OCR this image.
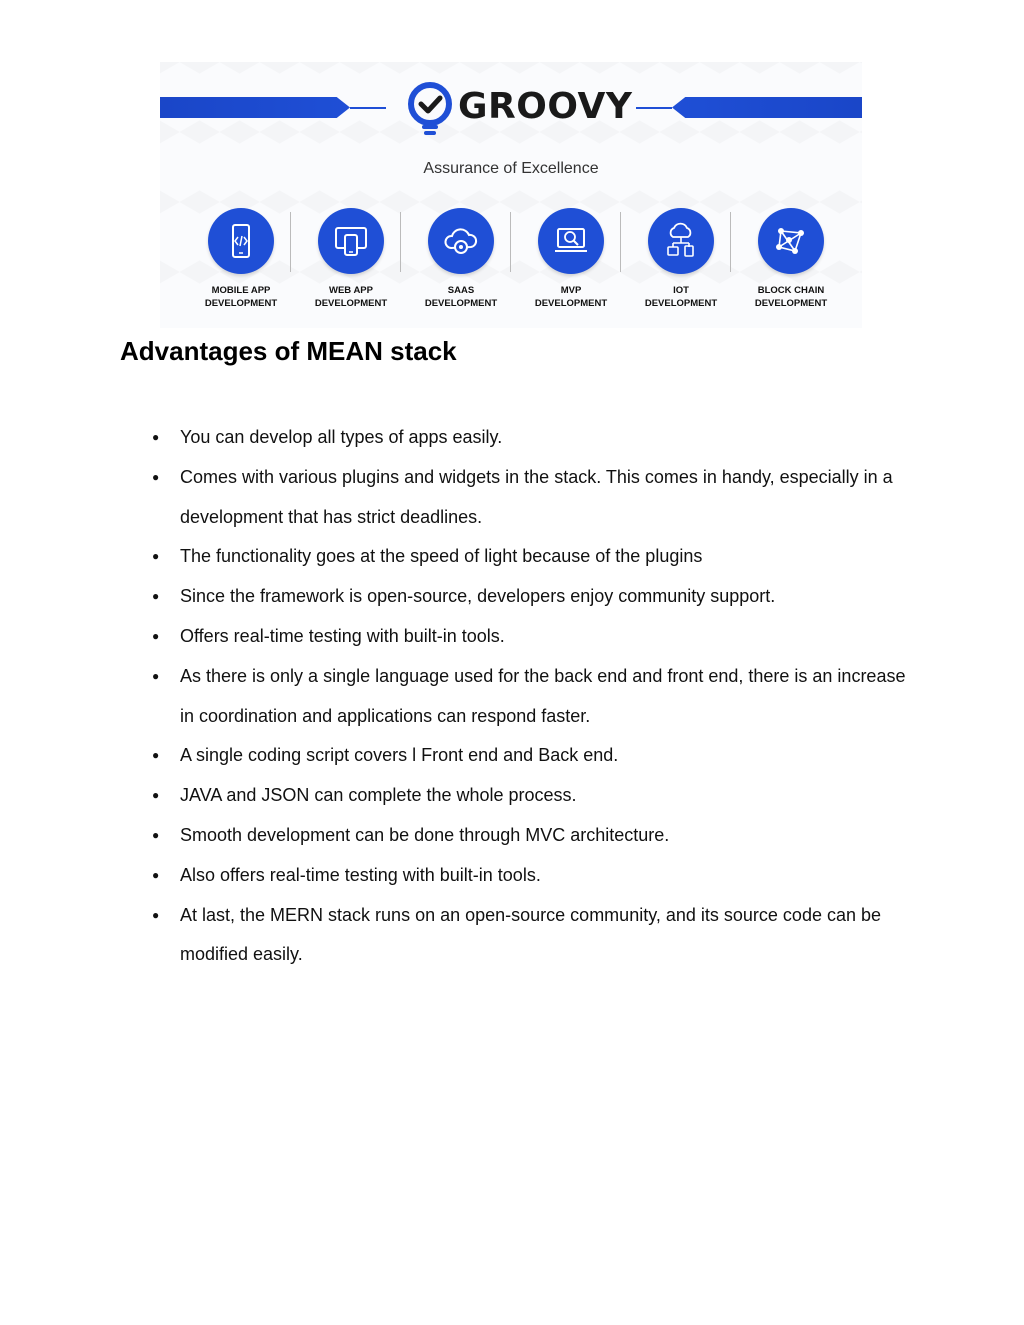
GROOVY
Assurance of Excellence
MOBILE APP
DEVELOPMENT
WEB APP
DEVELOPMENT
SAAS
DEVELOPMENT
MVP
DEVELOPMENT
IOT
DEVELOPMENT
BLOCK CHAIN
DEVELOPMENT
Advantages of MEAN stack
● You can develop all types of apps easily.
● Comes with various plugins and widgets in the stack. This comes in handy, especially in a development that has strict deadlines.
● The functionality goes at the speed of light because of the plugins
● Since the framework is open-source, developers enjoy community support.
● Offers real-time testing with built-in tools.
● As there is only a single language used for the back end and front end, there is an increase in coordination and applications can respond faster.
● A single coding script covers l Front end and Back end.
● JAVA and JSON can complete the whole process.
● Smooth development can be done through MVC architecture.
● Also offers real-time testing with built-in tools.
● At last, the MERN stack runs on an open-source community, and its source code can be modified easily.
